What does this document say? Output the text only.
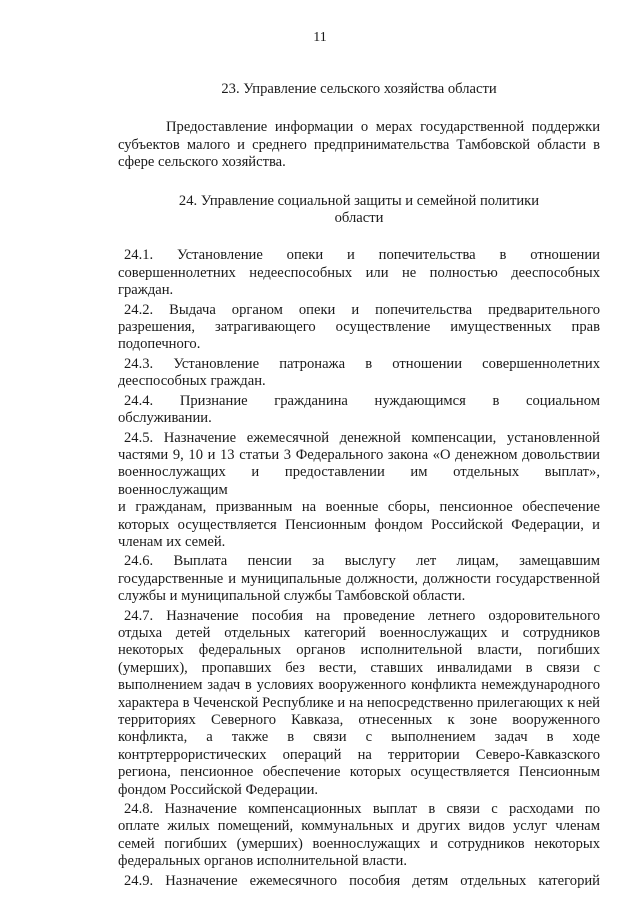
11

23. Управление сельского хозяйства области

Предоставление информации о мерах государственной поддержки
субъектов малого и среднего предпринимательства Тамбовской области в
сфере сельского хозяйства.

24. Управление социальной защиты и семейной политики
области

24.1. Установление опеки и попечительства в отношении
совершеннолетних недееспособных или не полностью дееспособных
граждан.
24.2. Выдача органом опеки и попечительства предварительного
разрешения, затрагивающего осуществление имущественных прав
подопечного.
24.3. Установление патронажа в отношении совершеннолетних
дееспособных граждан.
24.4. Признание гражданина нуждающимся в социальном
обслуживании.
24.5. Назначение ежемесячной денежной компенсации, установленной
частями 9, 10 и 13 статьи 3 Федерального закона «О денежном довольствии
военнослужащих и предоставлении им отдельных выплат», военнослужащим
и гражданам, призванным на военные сборы, пенсионное обеспечение
которых осуществляется Пенсионным фондом Российской Федерации, и
членам их семей.
24.6. Выплата пенсии за выслугу лет лицам, замещавшим
государственные и муниципальные должности, должности государственной
службы и муниципальной службы Тамбовской области.
24.7. Назначение пособия на проведение летнего оздоровительного
отдыха детей отдельных категорий военнослужащих и сотрудников
некоторых федеральных органов исполнительной власти, погибших
(умерших), пропавших без вести, ставших инвалидами в связи с
выполнением задач в условиях вооруженного конфликта немеждународного
характера в Чеченской Республике и на непосредственно прилегающих к ней
территориях Северного Кавказа, отнесенных к зоне вооруженного
конфликта, а также в связи с выполнением задач в ходе
контртеррористических операций на территории Северо-Кавказского
региона, пенсионное обеспечение которых осуществляется Пенсионным
фондом Российской Федерации.
24.8. Назначение компенсационных выплат в связи с расходами по
оплате жилых помещений, коммунальных и других видов услуг членам
семей погибших (умерших) военнослужащих и сотрудников некоторых
федеральных органов исполнительной власти.
24.9. Назначение ежемесячного пособия детям отдельных категорий
